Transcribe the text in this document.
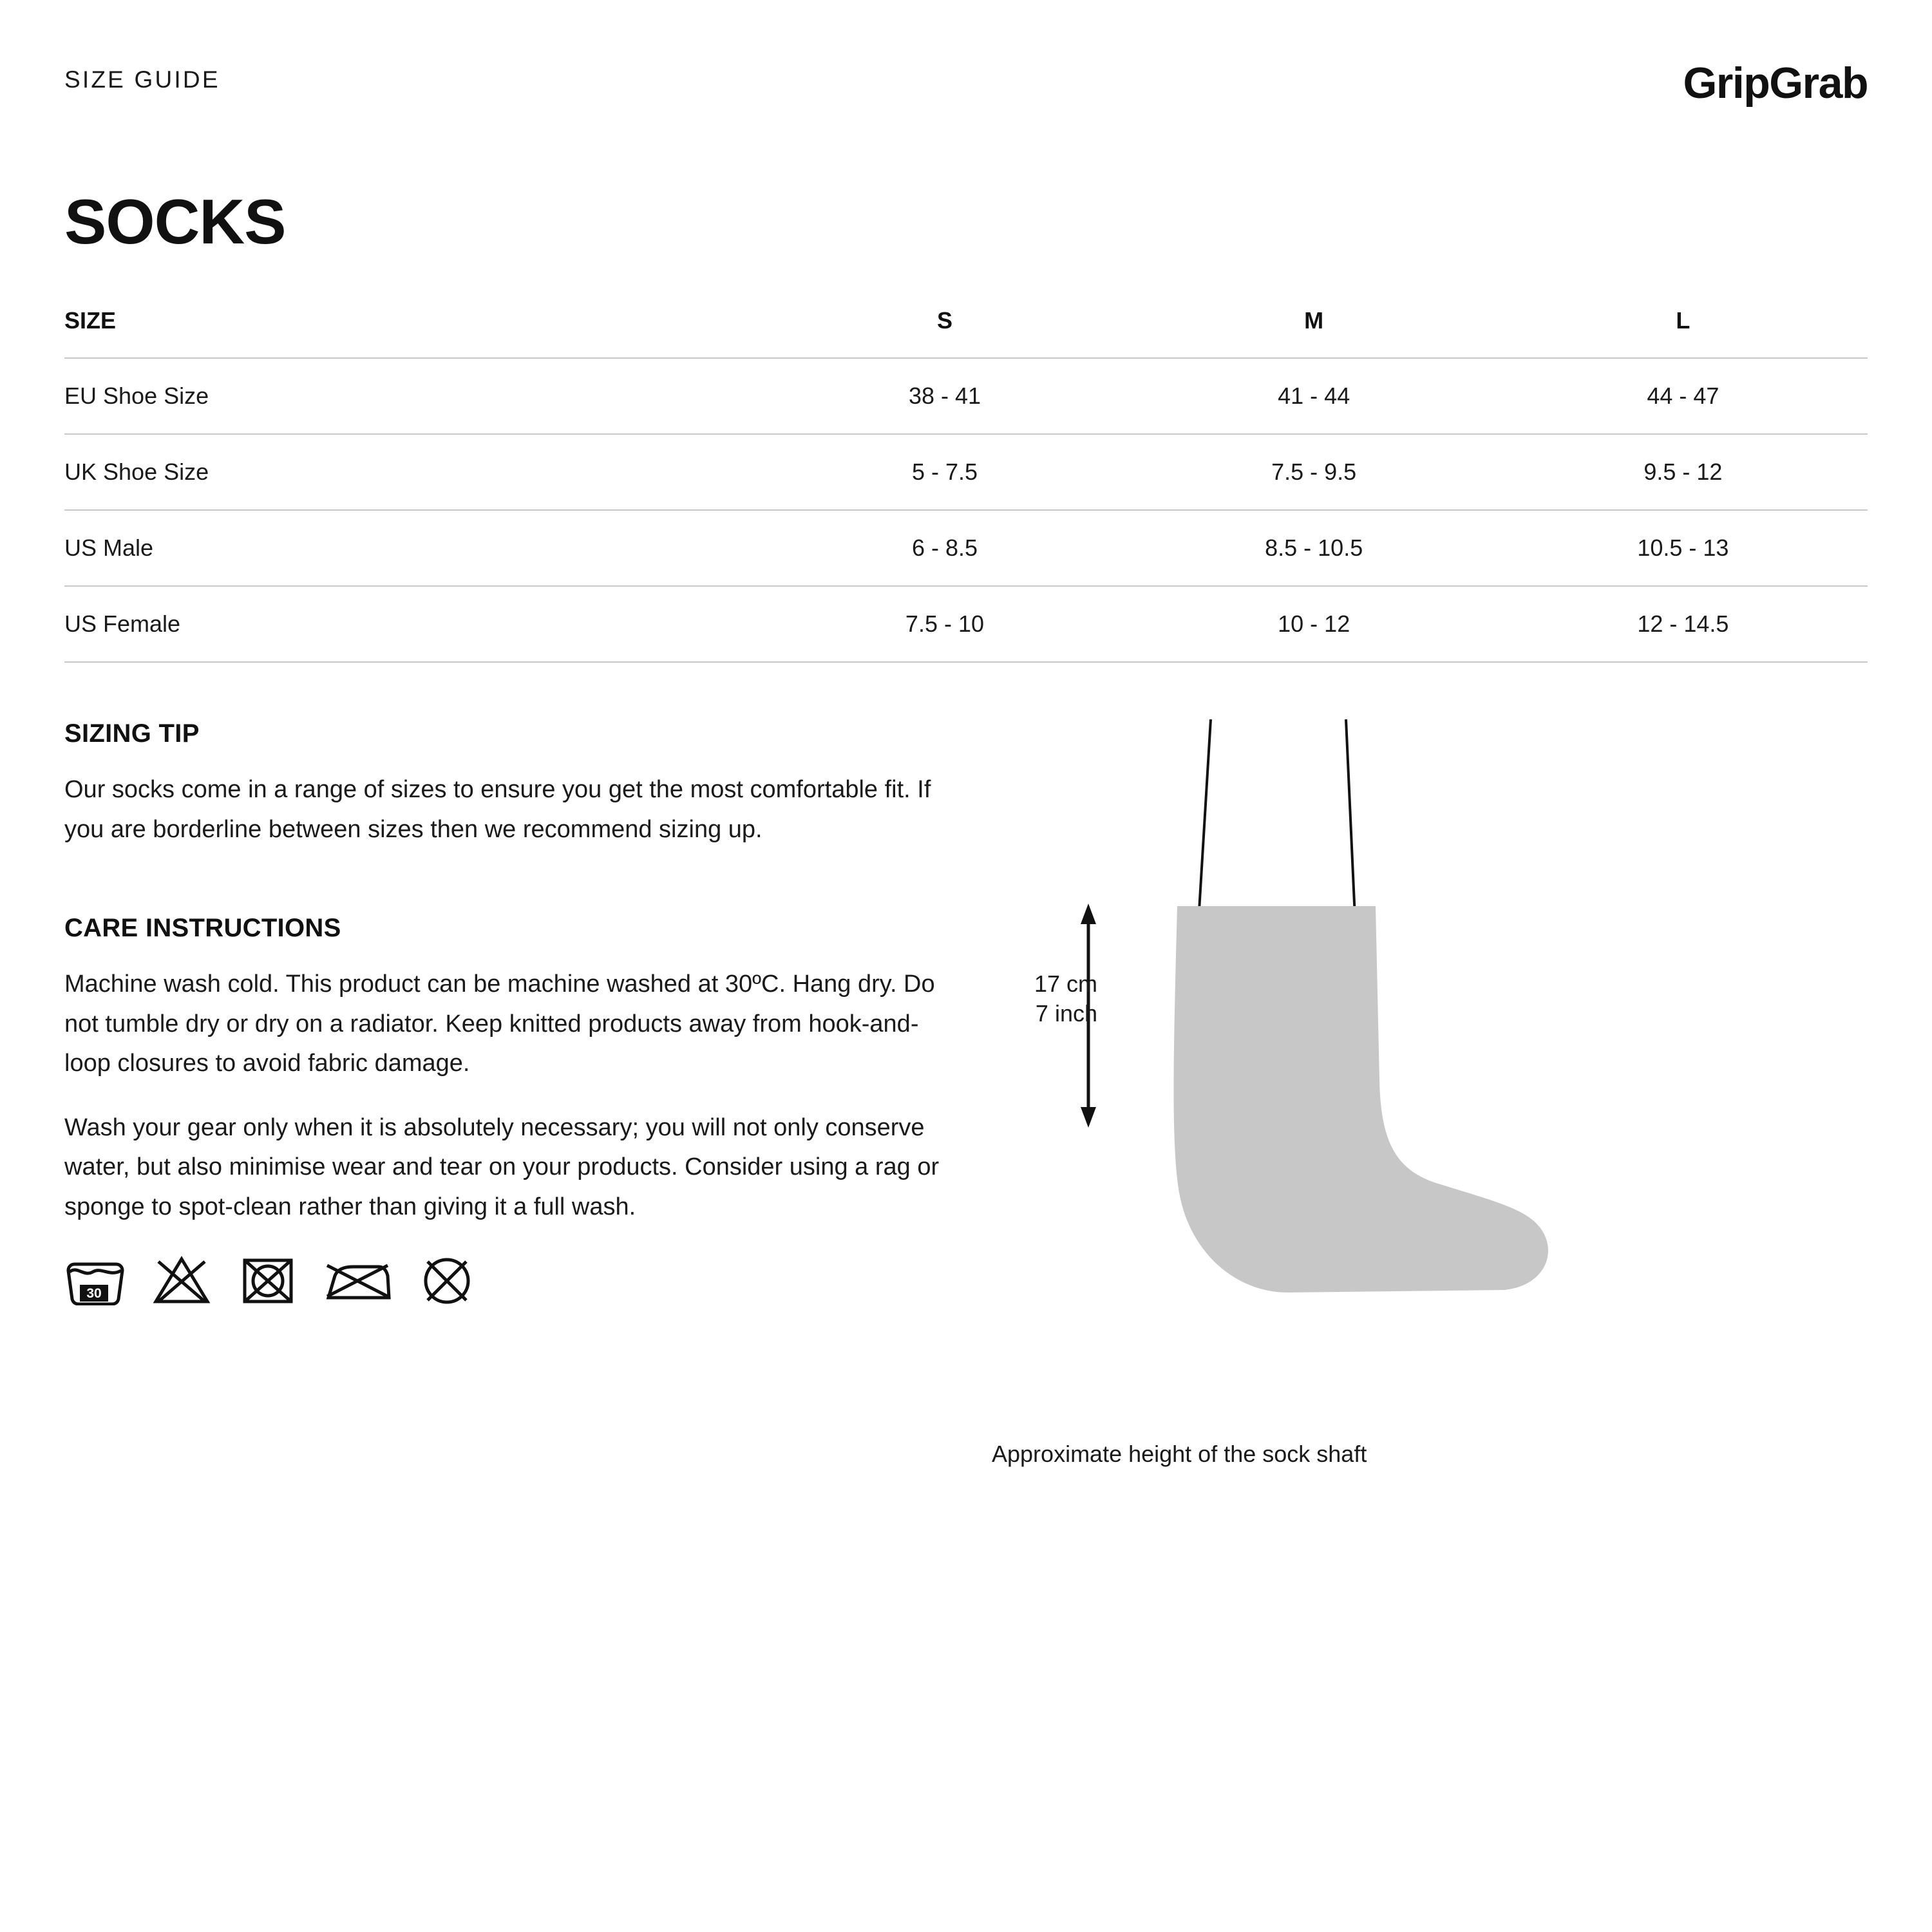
SIZE GUIDE	GripGrab
SOCKS
SIZE	S	M	L
EU Shoe Size	38 - 41	41 - 44	44 - 47
UK Shoe Size	5 - 7.5	7.5 - 9.5	9.5 - 12
US Male	6 - 8.5	8.5 - 10.5	10.5 - 13
US Female	7.5 - 10	10 - 12	12 - 14.5
SIZING TIP

Our socks come in a range of sizes to ensure you get the most comfortable fit. If you are borderline between sizes then we recommend sizing up.

CARE INSTRUCTIONS

Machine wash cold. This product can be machine washed at 30ºC. Hang dry. Do not tumble dry or dry on a radiator. Keep knitted products away from hook-and-loop closures to avoid fabric damage.

Wash your gear only when it is absolutely necessary; you will not only conserve water, but also minimise wear and tear on your products. Consider using a rag or sponge to spot-clean rather than giving it a full wash.

30
17 cm
7 inch
Approximate height of the sock shaft
